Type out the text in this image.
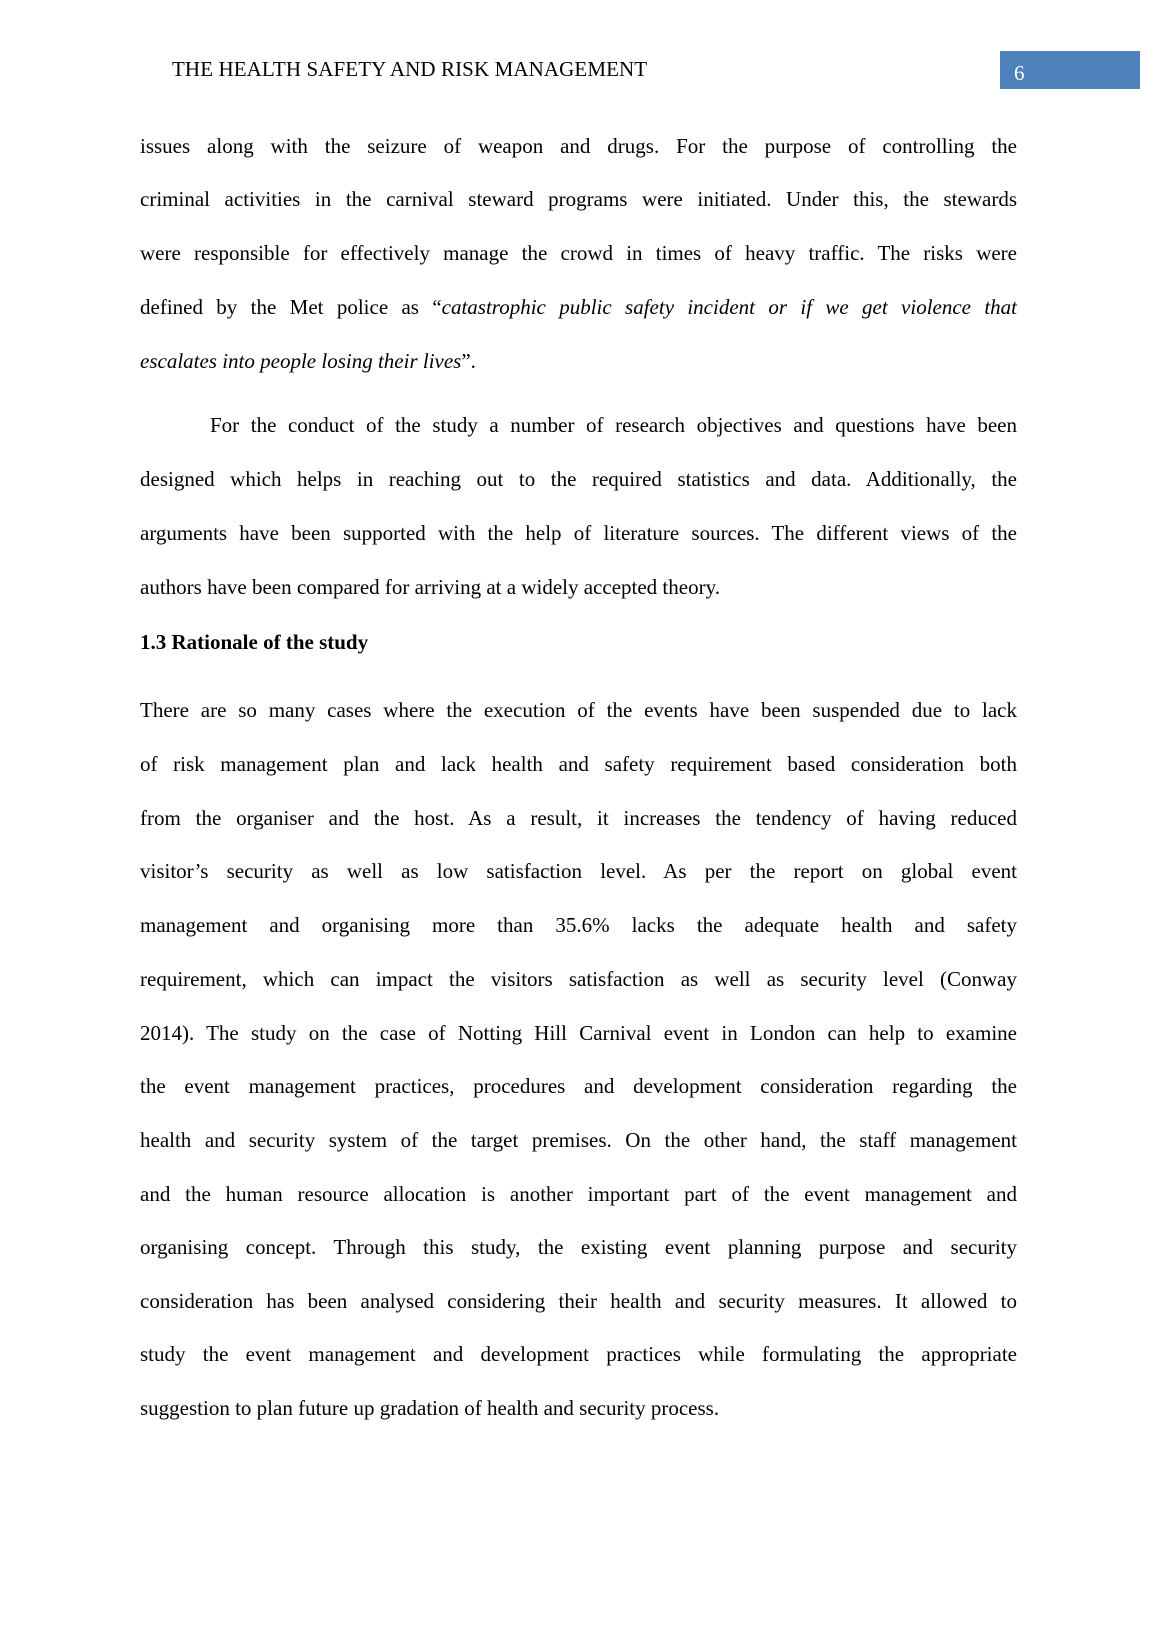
THE HEALTH SAFETY AND RISK MANAGEMENT	6
1.3 Rationale of the study
issues along with the seizure of weapon and drugs. For the purpose of controlling the
criminal activities in the carnival steward programs were initiated. Under this, the stewards
were responsible for effectively manage the crowd in times of heavy traffic. The risks were
defined by the Met police as “catastrophic public safety incident or if we get violence that
escalates into people losing their lives”.
For the conduct of the study a number of research objectives and questions have been
designed which helps in reaching out to the required statistics and data. Additionally, the
arguments have been supported with the help of literature sources. The different views of the
authors have been compared for arriving at a widely accepted theory.
There are so many cases where the execution of the events have been suspended due to lack
of risk management plan and lack health and safety requirement based consideration both
from the organiser and the host. As a result, it increases the tendency of having reduced
visitor’s security as well as low satisfaction level. As per the report on global event
management and organising more than 35.6% lacks the adequate health and safety
requirement, which can impact the visitors satisfaction as well as security level (Conway
2014). The study on the case of Notting Hill Carnival event in London can help to examine
the event management practices, procedures and development consideration regarding the
health and security system of the target premises. On the other hand, the staff management
and the human resource allocation is another important part of the event management and
organising concept. Through this study, the existing event planning purpose and security
consideration has been analysed considering their health and security measures. It allowed to
study the event management and development practices while formulating the appropriate
suggestion to plan future up gradation of health and security process.
